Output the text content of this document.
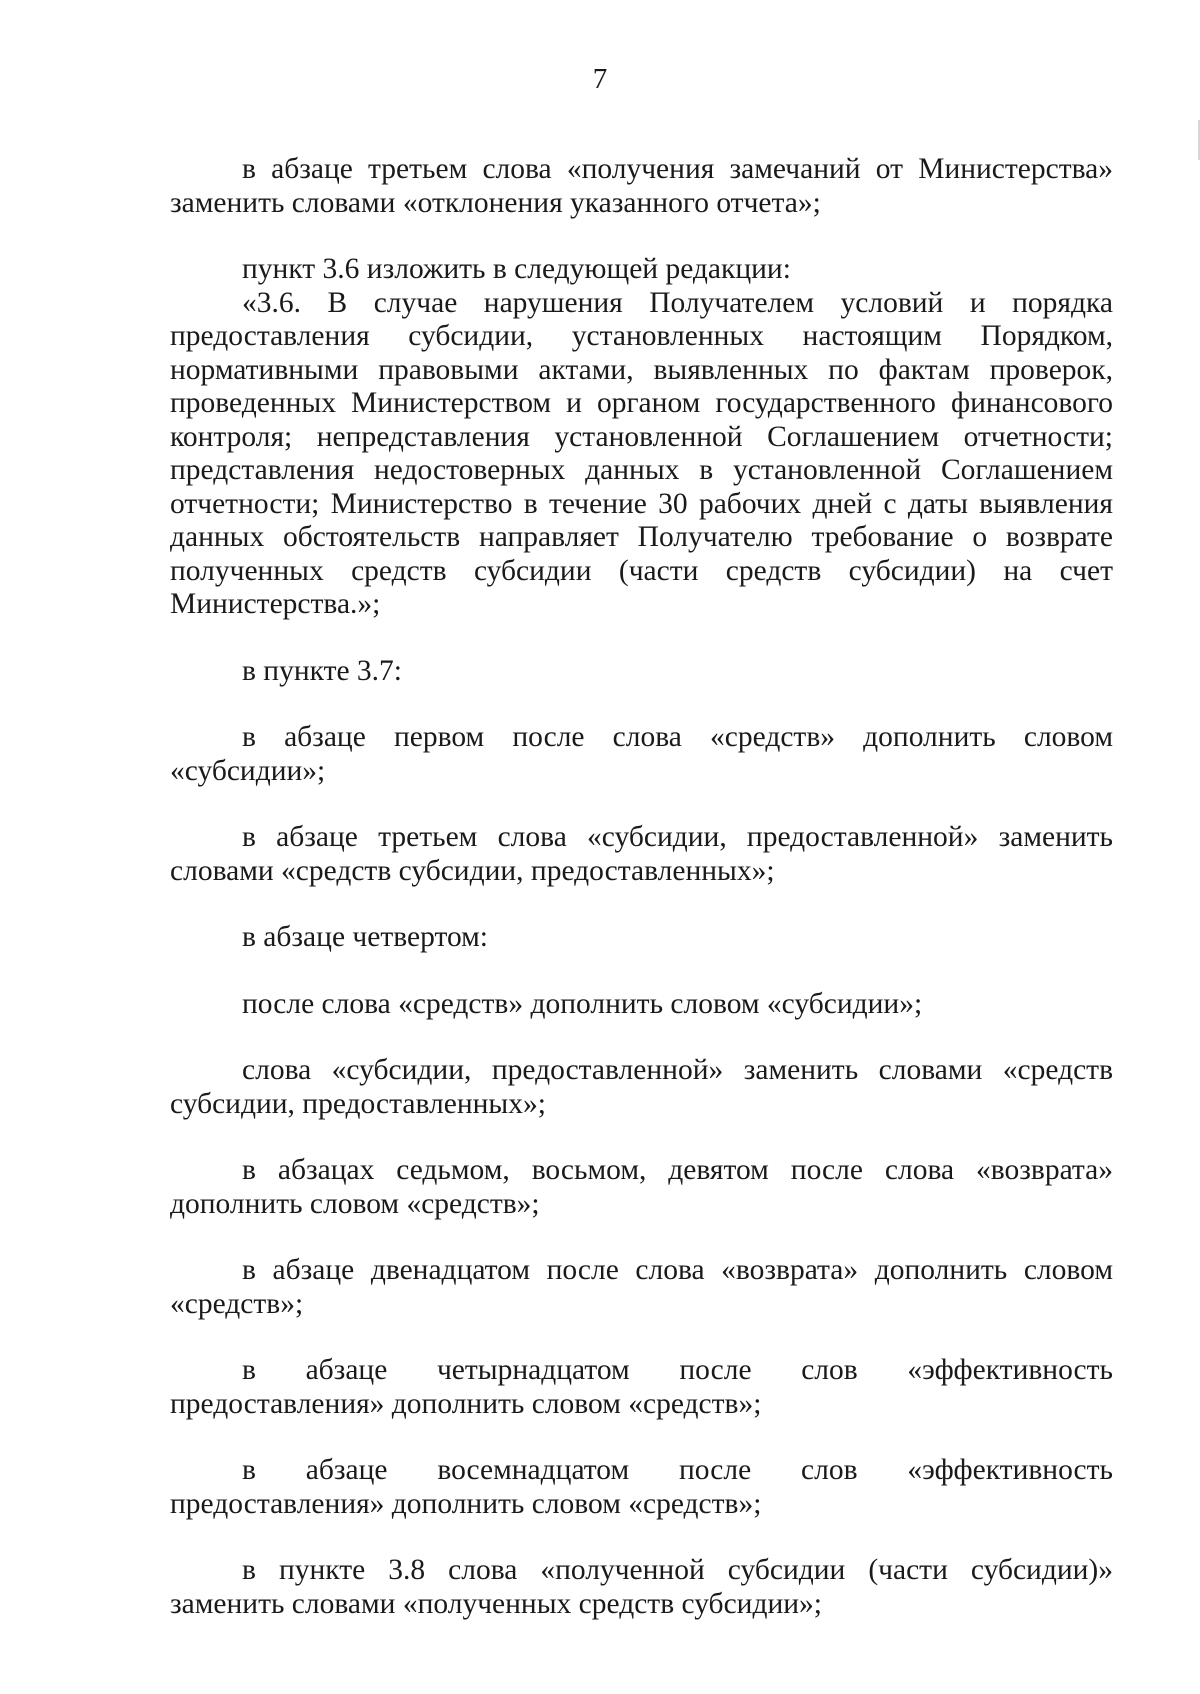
7

в абзаце третьем слова «получения замечаний от Министерства» заменить словами «отклонения указанного отчета»;

пункт 3.6 изложить в следующей редакции:

«3.6. В случае нарушения Получателем условий и порядка предоставления субсидии, установленных настоящим Порядком, нормативными правовыми актами, выявленных по фактам проверок, проведенных Министерством и органом государственного финансового контроля; непредставления установленной Соглашением отчетности; представления недостоверных данных в установленной Соглашением отчетности; Министерство в течение 30 рабочих дней с даты выявления данных обстоятельств направляет Получателю требование о возврате полученных средств субсидии (части средств субсидии) на счет Министерства.»;

в пункте 3.7:

в абзаце первом после слова «средств» дополнить словом «субсидии»;

в абзаце третьем слова «субсидии, предоставленной» заменить словами «средств субсидии, предоставленных»;

в абзаце четвертом:

после слова «средств» дополнить словом «субсидии»;

слова «субсидии, предоставленной» заменить словами «средств субсидии, предоставленных»;

в абзацах седьмом, восьмом, девятом после слова «возврата» дополнить словом «средств»;

в абзаце двенадцатом после слова «возврата» дополнить словом «средств»;

в абзаце четырнадцатом после слов «эффективность предоставления» дополнить словом «средств»;

в абзаце восемнадцатом после слов «эффективность предоставления» дополнить словом «средств»;

в пункте 3.8 слова «полученной субсидии (части субсидии)» заменить словами «полученных средств субсидии»;
